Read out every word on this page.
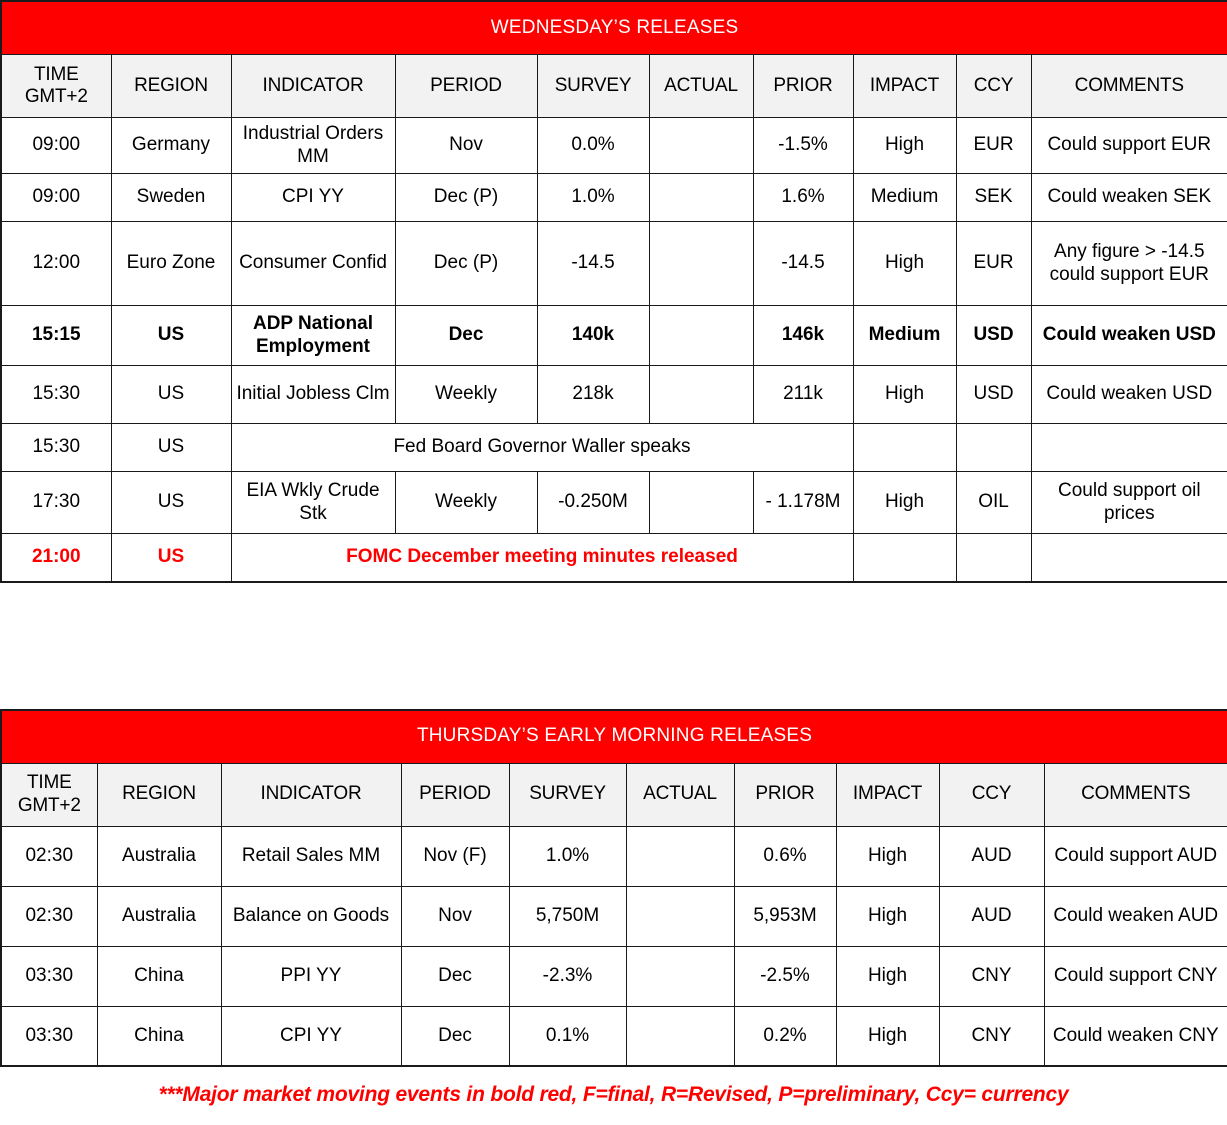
WEDNESDAY’S RELEASES									
TIME
GMT+2	REGION	INDICATOR	PERIOD	SURVEY	ACTUAL	PRIOR	IMPACT	CCY	COMMENTS
09:00	Germany	Industrial Orders MM	Nov	0.0%		-1.5%	High	EUR	Could support EUR
09:00	Sweden	CPI YY	Dec (P)	1.0%		1.6%	Medium	SEK	Could weaken SEK
12:00	Euro Zone	Consumer Confid	Dec (P)	-14.5		-14.5	High	EUR	Any figure > -14.5 could support EUR
15:15	US	ADP National Employment	Dec	140k		146k	Medium	USD	Could weaken USD
15:30	US	Initial Jobless Clm	Weekly	218k		211k	High	USD	Could weaken USD
15:30	US	Fed Board Governor Waller speaks							
17:30	US	EIA Wkly Crude Stk	Weekly	-0.250M		- 1.178M	High	OIL	Could support oil prices
21:00	US	FOMC December meeting minutes released							
THURSDAY’S EARLY MORNING RELEASES									
TIME
GMT+2	REGION	INDICATOR	PERIOD	SURVEY	ACTUAL	PRIOR	IMPACT	CCY	COMMENTS
02:30	Australia	Retail Sales MM	Nov (F)	1.0%		0.6%	High	AUD	Could support AUD
02:30	Australia	Balance on Goods	Nov	5,750M		5,953M	High	AUD	Could weaken AUD
03:30	China	PPI YY	Dec	-2.3%		-2.5%	High	CNY	Could support CNY
03:30	China	CPI YY	Dec	0.1%		0.2%	High	CNY	Could weaken CNY
***Major market moving events in bold red, F=final, R=Revised, P=preliminary, Ccy= currency
